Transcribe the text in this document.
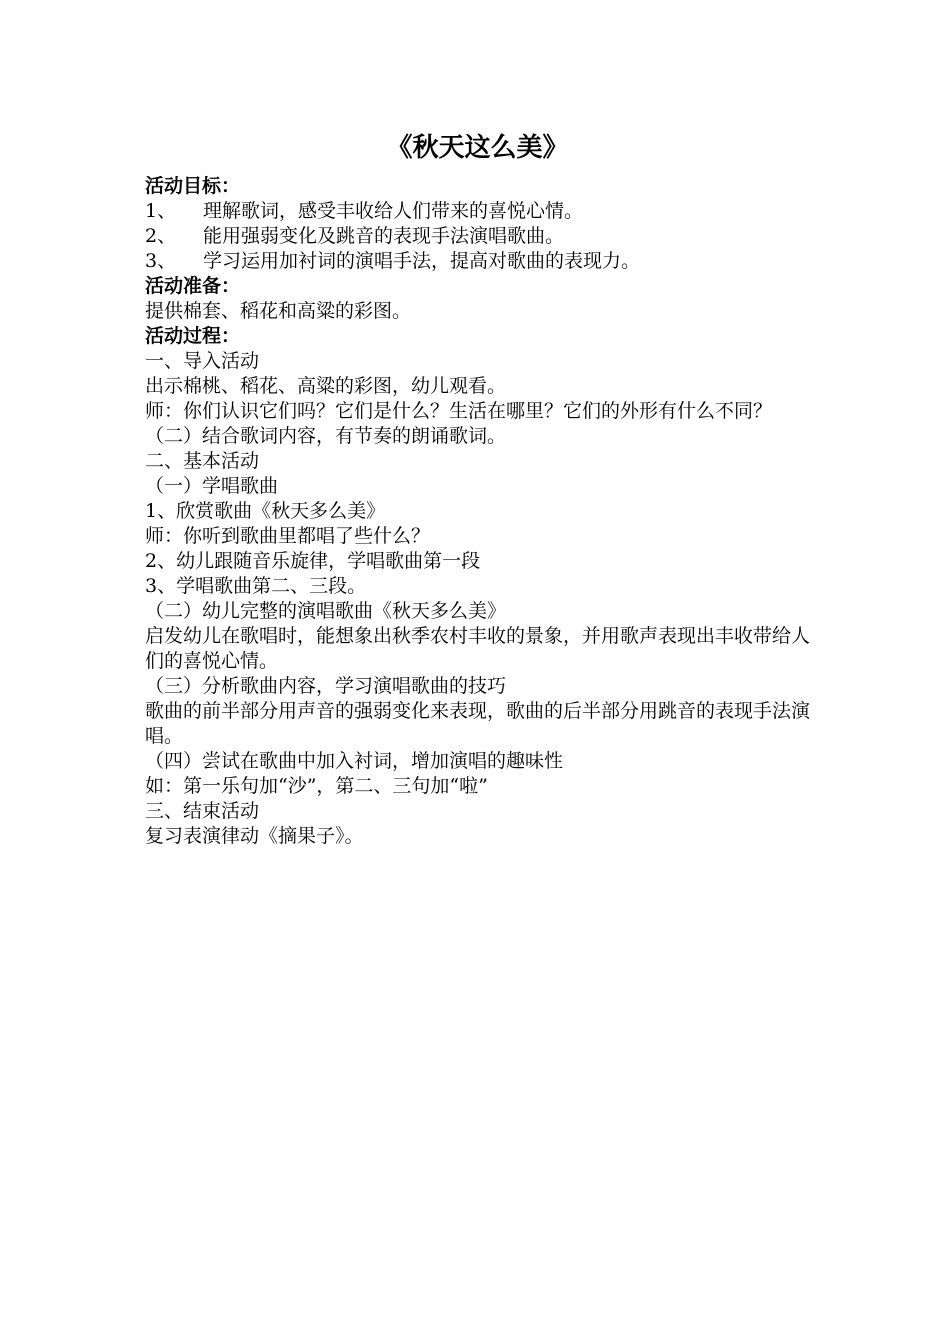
《秋天这么美》
活动目标：
1、	理解歌词，感受丰收给人们带来的喜悦心情。
2、	能用强弱变化及跳音的表现手法演唱歌曲。
3、	学习运用加衬词的演唱手法，提高对歌曲的表现力。
活动准备：
提供棉套、稻花和高粱的彩图。
活动过程：
一、导入活动
出示棉桃、稻花、高粱的彩图，幼儿观看。
师：你们认识它们吗？它们是什么？生活在哪里？它们的外形有什么不同？
（二）结合歌词内容，有节奏的朗诵歌词。
二、基本活动
（一）学唱歌曲
1、欣赏歌曲《秋天多么美》
师：你听到歌曲里都唱了些什么？
2、幼儿跟随音乐旋律，学唱歌曲第一段
3、学唱歌曲第二、三段。
（二）幼儿完整的演唱歌曲《秋天多么美》
启发幼儿在歌唱时，能想象出秋季农村丰收的景象，并用歌声表现出丰收带给人们的喜悦心情。
（三）分析歌曲内容，学习演唱歌曲的技巧
歌曲的前半部分用声音的强弱变化来表现，歌曲的后半部分用跳音的表现手法演唱。
（四）尝试在歌曲中加入衬词，增加演唱的趣味性
如：第一乐句加“沙”，第二、三句加“啦”
三、结束活动
复习表演律动《摘果子》。
